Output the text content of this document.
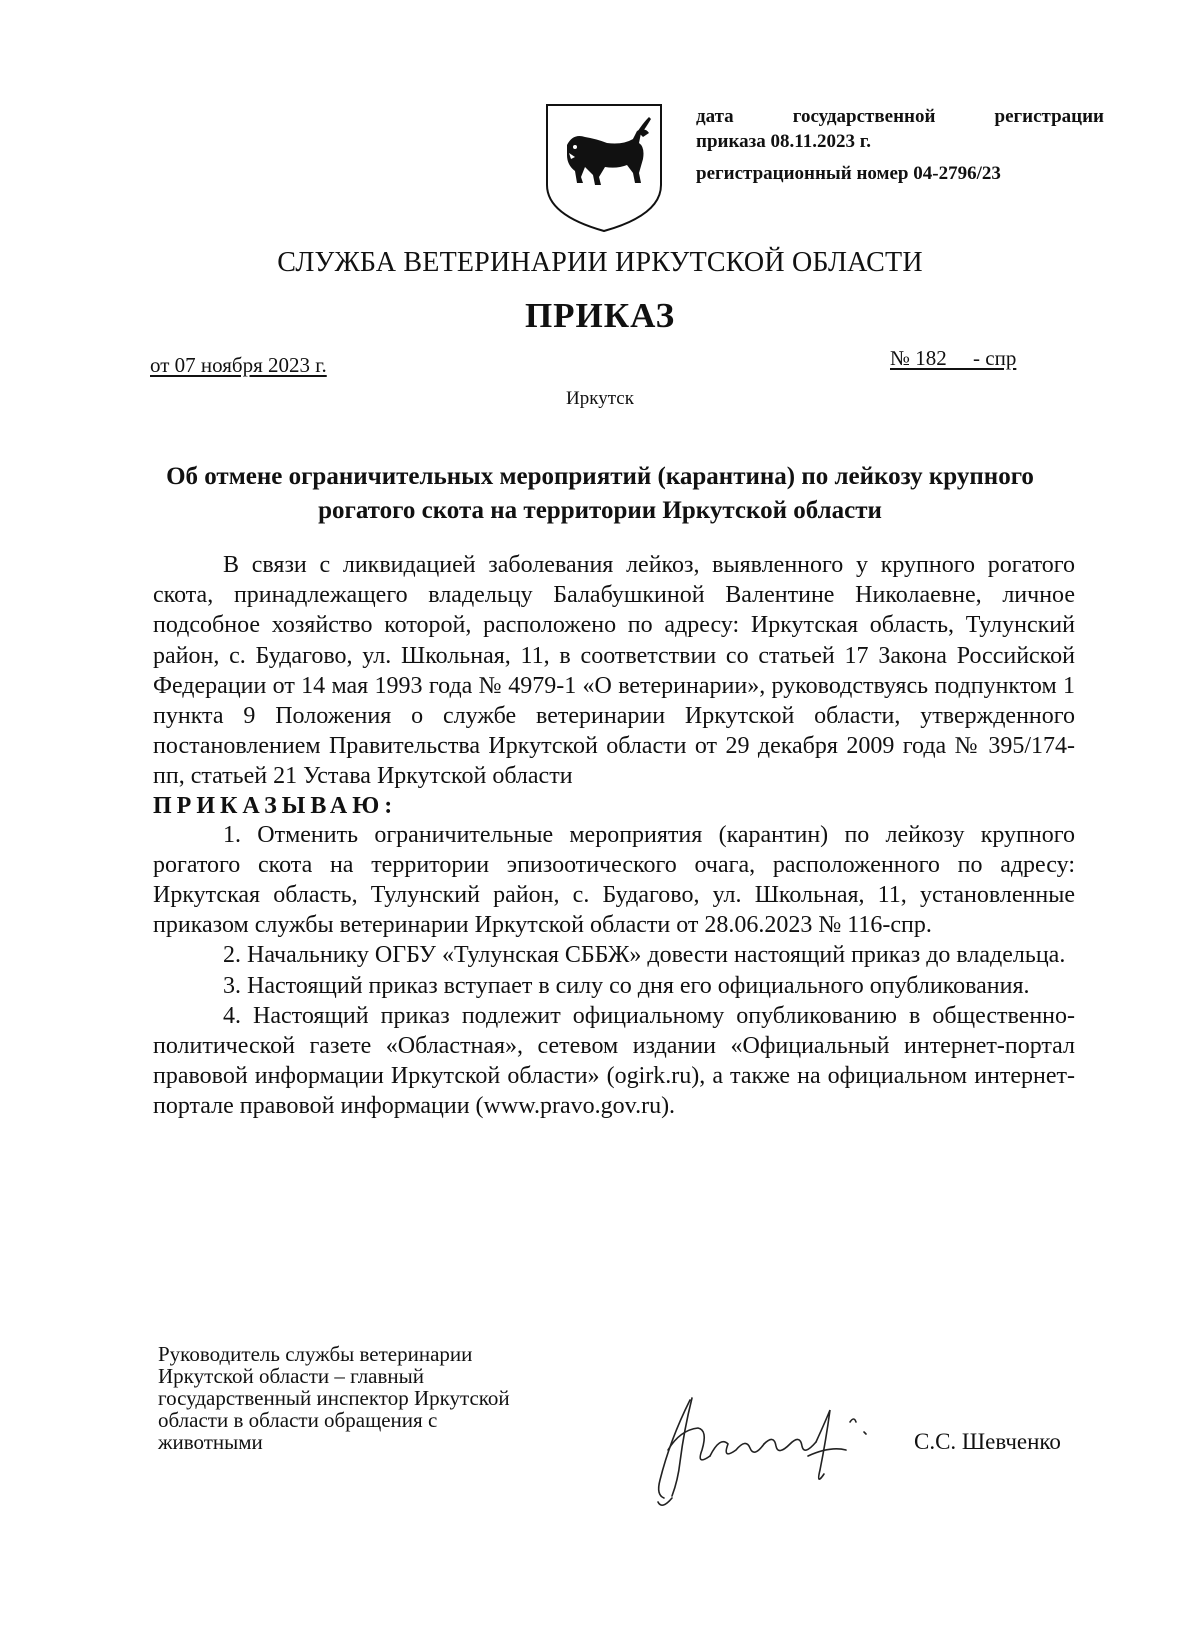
дата государственной регистрации
приказа 08.11.2023 г.
регистрационный номер 04-2796/23
СЛУЖБА ВЕТЕРИНАРИИ ИРКУТСКОЙ ОБЛАСТИ
ПРИКАЗ
от 07 ноября 2023 г.	№ 182     - спр
Иркутск
Об отмене ограничительных мероприятий (карантина) по лейкозу крупного рогатого скота на территории Иркутской области

В связи с ликвидацией заболевания лейкоз, выявленного у крупного рогатого скота, принадлежащего владельцу Балабушкиной Валентине Николаевне, личное подсобное хозяйство которой, расположено по адресу: Иркутская область, Тулунский район, с. Будагово, ул. Школьная, 11, в соответствии со статьей 17 Закона Российской Федерации от 14 мая 1993 года № 4979-1 «О ветеринарии», руководствуясь подпунктом 1 пункта 9 Положения о службе ветеринарии Иркутской области, утвержденного постановлением Правительства Иркутской области от 29 декабря 2009 года № 395/174-пп, статьей 21 Устава Иркутской области

ПРИКАЗЫВАЮ:

1. Отменить ограничительные мероприятия (карантин) по лейкозу крупного рогатого скота на территории эпизоотического очага, расположенного по адресу: Иркутская область, Тулунский район, с. Будагово, ул. Школьная, 11, установленные приказом службы ветеринарии Иркутской области от 28.06.2023 № 116-спр.

2. Начальнику ОГБУ «Тулунская СББЖ» довести настоящий приказ до владельца.

3. Настоящий приказ вступает в силу со дня его официального опубликования.

4. Настоящий приказ подлежит официальному опубликованию в общественно-политической газете «Областная», сетевом издании «Официальный интернет-портал правовой информации Иркутской области» (ogirk.ru), а также на официальном интернет-портале правовой информации (www.pravo.gov.ru).

Руководитель службы ветеринарии
Иркутской области – главный
государственный инспектор Иркутской
области в области обращения с
животными	С.С. Шевченко
